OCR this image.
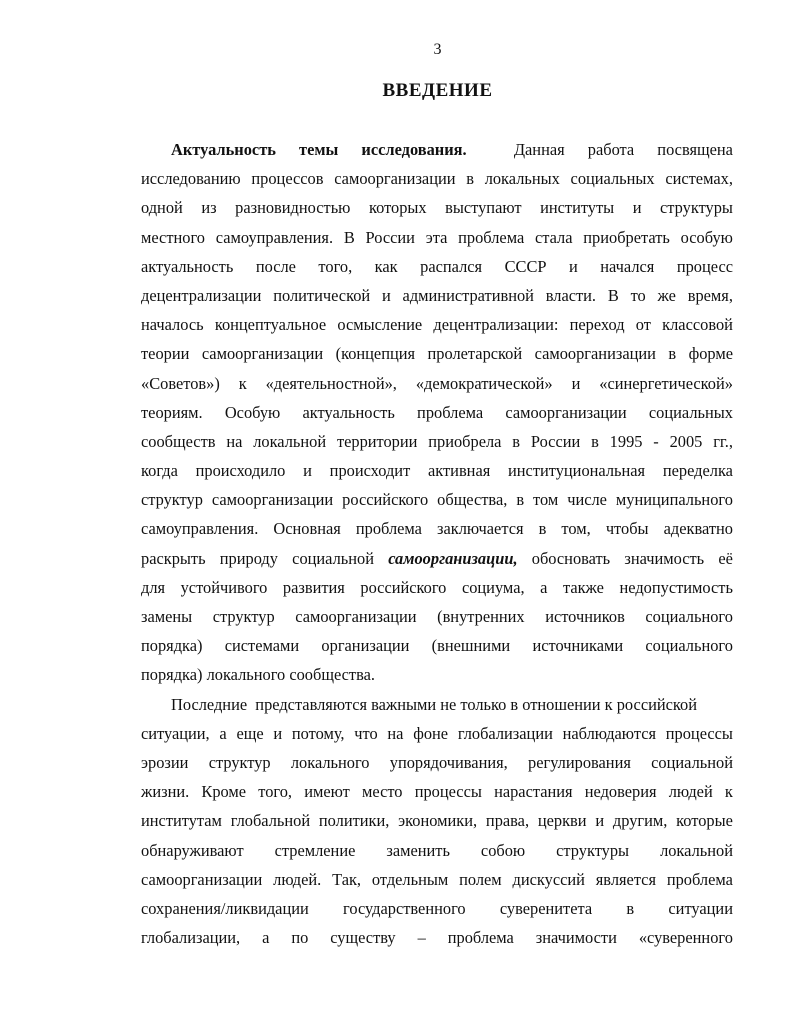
3
ВВЕДЕНИЕ
Актуальность темы исследования.	Данная работа посвящена
исследованию процессов самоорганизации в локальных социальных системах,
одной из разновидностью которых выступают институты и структуры
местного самоуправления. В России эта проблема стала приобретать особую
актуальность после того, как распался СССР и начался процесс
децентрализации политической и административной власти. В то же время,
началось концептуальное осмысление децентрализации: переход от классовой
теории самоорганизации (концепция пролетарской самоорганизации в форме
«Советов») к «деятельностной», «демократической» и «синергетической»
теориям. Особую актуальность проблема самоорганизации социальных
сообществ на локальной территории приобрела в России в 1995 - 2005 гг.,
когда происходило и происходит активная институциональная переделка
структур самоорганизации российского общества, в том числе муниципального
самоуправления. Основная проблема заключается в том, чтобы адекватно
раскрыть природу социальной самоорганизации, обосновать значимость её
для устойчивого развития российского социума, а также недопустимость
замены структур самоорганизации (внутренних источников социального
порядка) системами организации (внешними источниками социального
порядка) локального сообщества.
Последние  представляются важными не только в отношении к российской
ситуации, а еще и потому, что на фоне глобализации наблюдаются процессы
эрозии структур локального упорядочивания, регулирования социальной
жизни. Кроме того, имеют место процессы нарастания недоверия людей к
институтам глобальной политики, экономики, права, церкви и другим, которые
обнаруживают стремление заменить собою структуры локальной
самоорганизации людей. Так, отдельным полем дискуссий является проблема
сохранения/ликвидации государственного суверенитета в ситуации
глобализации, а по существу – проблема значимости «суверенного
